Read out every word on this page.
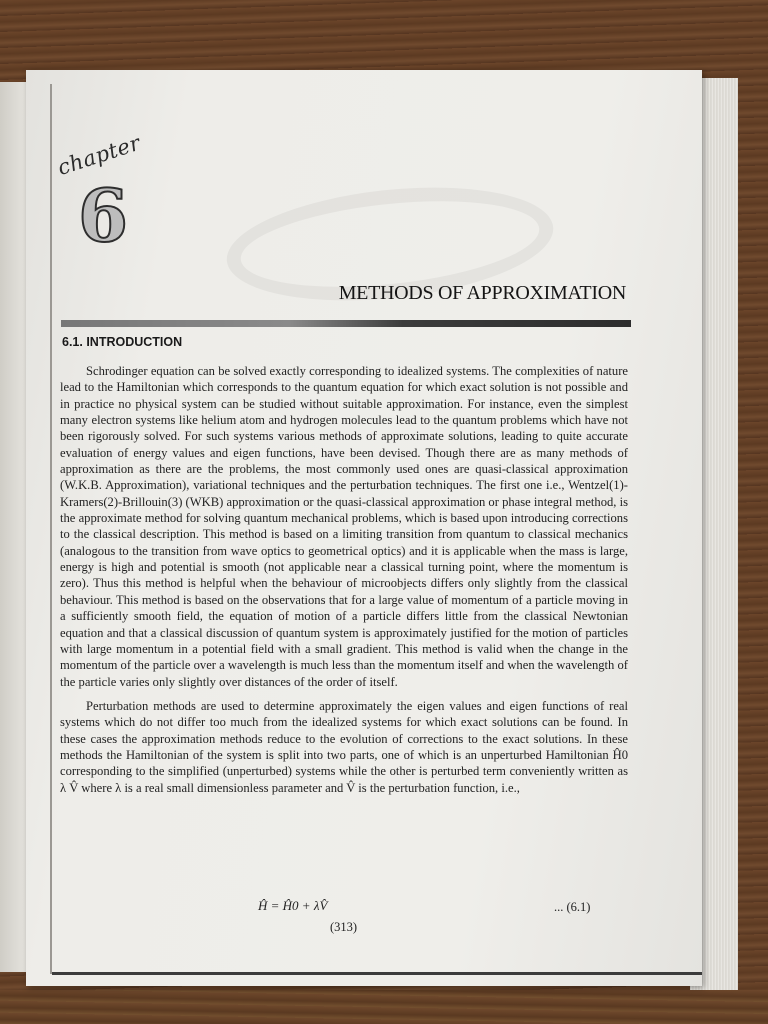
chapter
6
METHODS OF APPROXIMATION
6.1. INTRODUCTION

Schrodinger equation can be solved exactly corresponding to idealized systems. The complexities of nature lead to the Hamiltonian which corresponds to the quantum equation for which exact solution is not possible and in practice no physical system can be studied without suitable approximation. For instance, even the simplest many electron systems like helium atom and hydrogen molecules lead to the quantum problems which have not been rigorously solved. For such systems various methods of approximate solutions, leading to quite accurate evaluation of energy values and eigen functions, have been devised. Though there are as many methods of approximation as there are the problems, the most commonly used ones are quasi-classical approximation (W.K.B. Approximation), variational techniques and the perturbation techniques. The first one i.e., Wentzel(1)- Kramers(2)-Brillouin(3) (WKB) approximation or the quasi-classical approximation or phase integral method, is the approximate method for solving quantum mechanical problems, which is based upon introducing corrections to the classical description. This method is based on a limiting transition from quantum to classical mechanics (analogous to the transition from wave optics to geometrical optics) and it is applicable when the mass is large, energy is high and potential is smooth (not applicable near a classical turning point, where the momentum is zero). Thus this method is helpful when the behaviour of microobjects differs only slightly from the classical behaviour. This method is based on the observations that for a large value of momentum of a particle moving in a sufficiently smooth field, the equation of motion of a particle differs little from the classical Newtonian equation and that a classical discussion of quantum system is approximately justified for the motion of particles with large momentum in a potential field with a small gradient. This method is valid when the change in the momentum of the particle over a wavelength is much less than the momentum itself and when the wavelength of the particle varies only slightly over distances of the order of itself.

Perturbation methods are used to determine approximately the eigen values and eigen functions of real systems which do not differ too much from the idealized systems for which exact solutions can be found. In these cases the approximation methods reduce to the evolution of corrections to the exact solutions. In these methods the Hamiltonian of the system is split into two parts, one of which is an unperturbed Hamiltonian Ĥ0 corresponding to the simplified (unperturbed) systems while the other is perturbed term conveniently written as λ V̂ where λ is a real small dimensionless parameter and V̂ is the perturbation function, i.e.,

Ĥ = Ĥ0 + λV̂	... (6.1)
(313)
